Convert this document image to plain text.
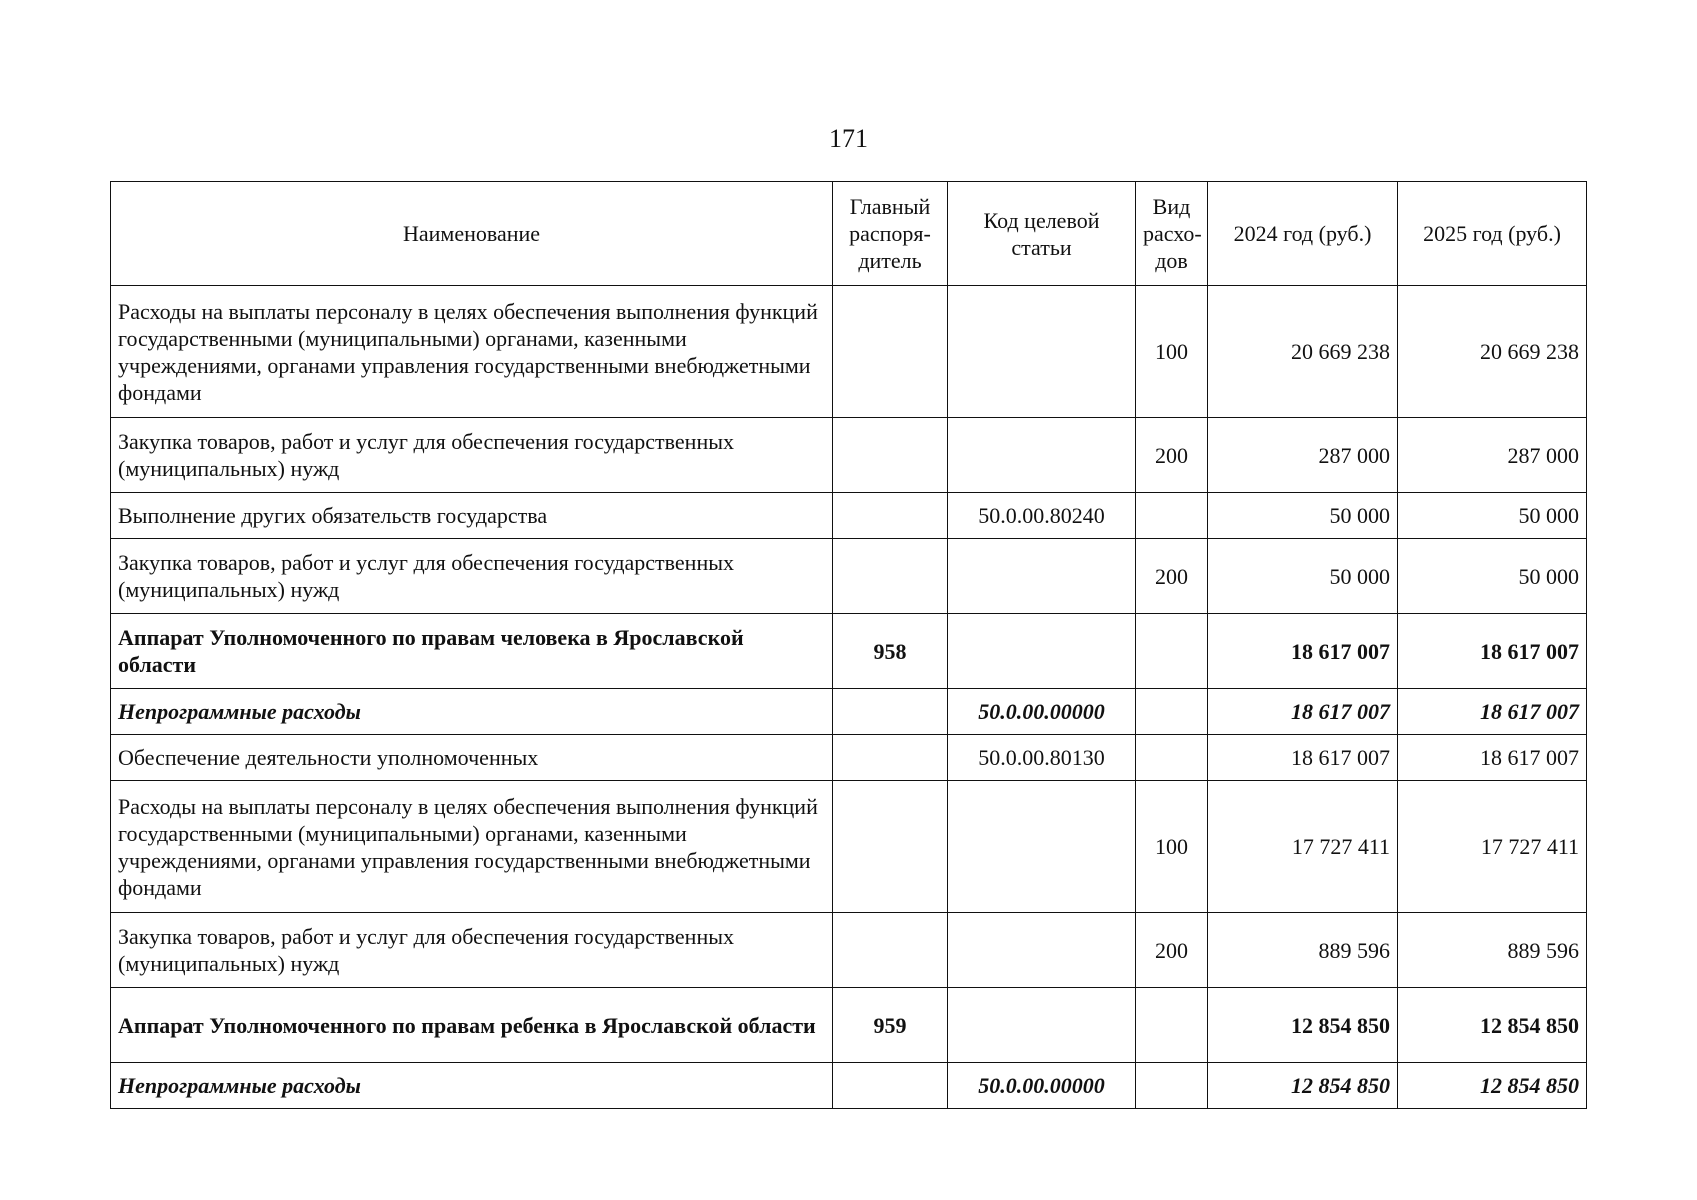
171
Наименование	Главный распоря-дитель	Код целевой статьи	Вид расхо-дов	2024 год (руб.)	2025 год (руб.)
Расходы на выплаты персоналу в целях обеспечения выполнения функций государственными (муниципальными) органами, казенными учреждениями, органами управления государственными внебюджетными фондами			100	20 669 238	20 669 238
Закупка товаров, работ и услуг для обеспечения государственных (муниципальных) нужд			200	287 000	287 000
Выполнение других обязательств государства		50.0.00.80240		50 000	50 000
Закупка товаров, работ и услуг для обеспечения государственных (муниципальных) нужд			200	50 000	50 000
Аппарат Уполномоченного по правам человека в Ярославской области	958			18 617 007	18 617 007
Непрограммные расходы		50.0.00.00000		18 617 007	18 617 007
Обеспечение деятельности уполномоченных		50.0.00.80130		18 617 007	18 617 007
Расходы на выплаты персоналу в целях обеспечения выполнения функций государственными (муниципальными) органами, казенными учреждениями, органами управления государственными внебюджетными фондами			100	17 727 411	17 727 411
Закупка товаров, работ и услуг для обеспечения государственных (муниципальных) нужд			200	889 596	889 596
Аппарат Уполномоченного по правам ребенка в Ярославской области	959			12 854 850	12 854 850
Непрограммные расходы		50.0.00.00000		12 854 850	12 854 850
